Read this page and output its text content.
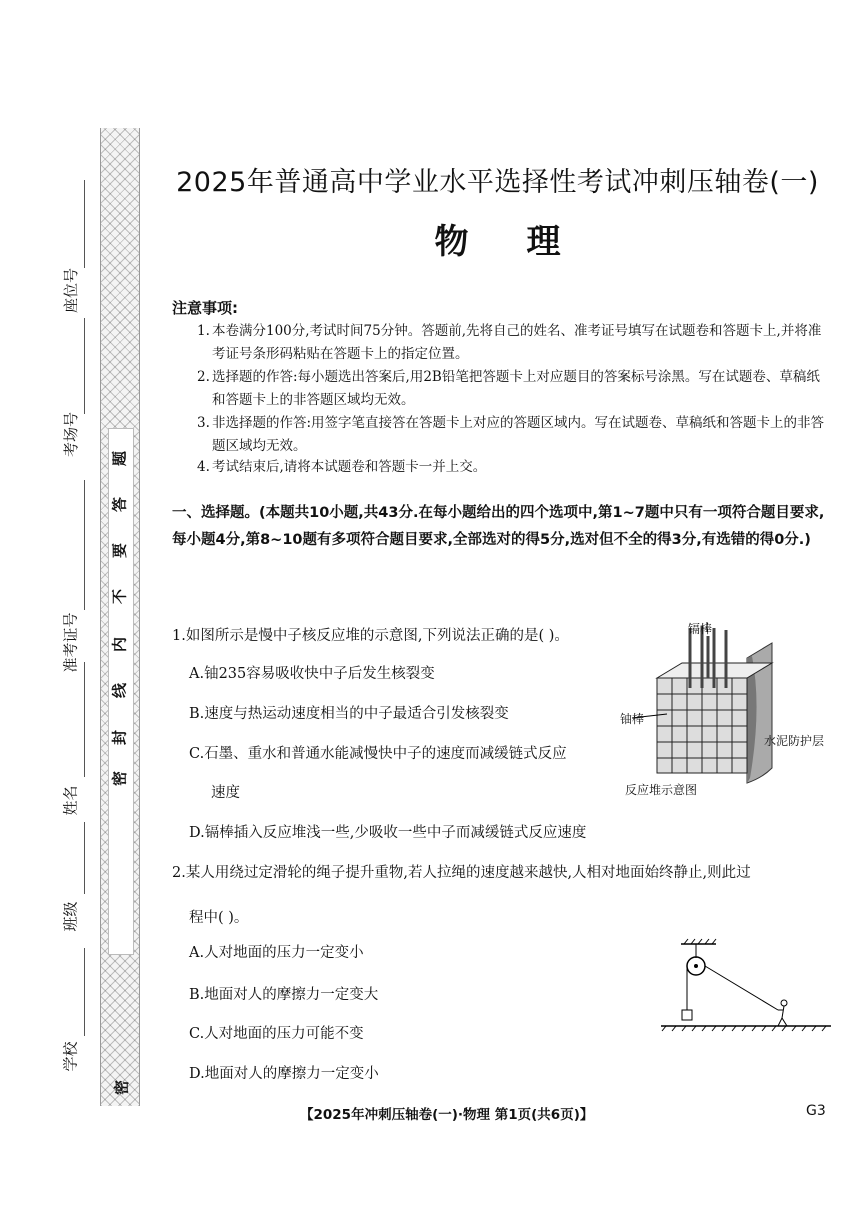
密
密
封
线
内
不
要
答
题
座位号
考场号
准考证号
姓名
班级
学校
2025年普通高中学业水平选择性考试冲刺压轴卷(一)
物理
注意事项:
1. 本卷满分100分,考试时间75分钟。答题前,先将自己的姓名、准考证号填写在试题卷和答题卡上,并将准考证号条形码粘贴在答题卡上的指定位置。
2. 选择题的作答:每小题选出答案后,用2B铅笔把答题卡上对应题目的答案标号涂黑。写在试题卷、草稿纸和答题卡上的非答题区域均无效。
3. 非选择题的作答:用签字笔直接答在答题卡上对应的答题区域内。写在试题卷、草稿纸和答题卡上的非答题区域均无效。
4. 考试结束后,请将本试题卷和答题卡一并上交。
一、选择题。(本题共10小题,共43分.在每小题给出的四个选项中,第1~7题中只有一项符合题目要求,每小题4分,第8~10题有多项符合题目要求,全部选对的得5分,选对但不全的得3分,有选错的得0分.)
1.如图所示是慢中子核反应堆的示意图,下列说法正确的是( )。
A.铀235容易吸收快中子后发生核裂变
B.速度与热运动速度相当的中子最适合引发核裂变
C.石墨、重水和普通水能减慢快中子的速度而减缓链式反应
速度
D.镉棒插入反应堆浅一些,少吸收一些中子而减缓链式反应速度
镉棒
铀棒
水泥防护层
反应堆示意图
2.某人用绕过定滑轮的绳子提升重物,若人拉绳的速度越来越快,人相对地面始终静止,则此过
程中( )。
A.人对地面的压力一定变小
B.地面对人的摩擦力一定变大
C.人对地面的压力可能不变
D.地面对人的摩擦力一定变小
【2025年冲刺压轴卷(一)·物理 第1页(共6页)】	G3
